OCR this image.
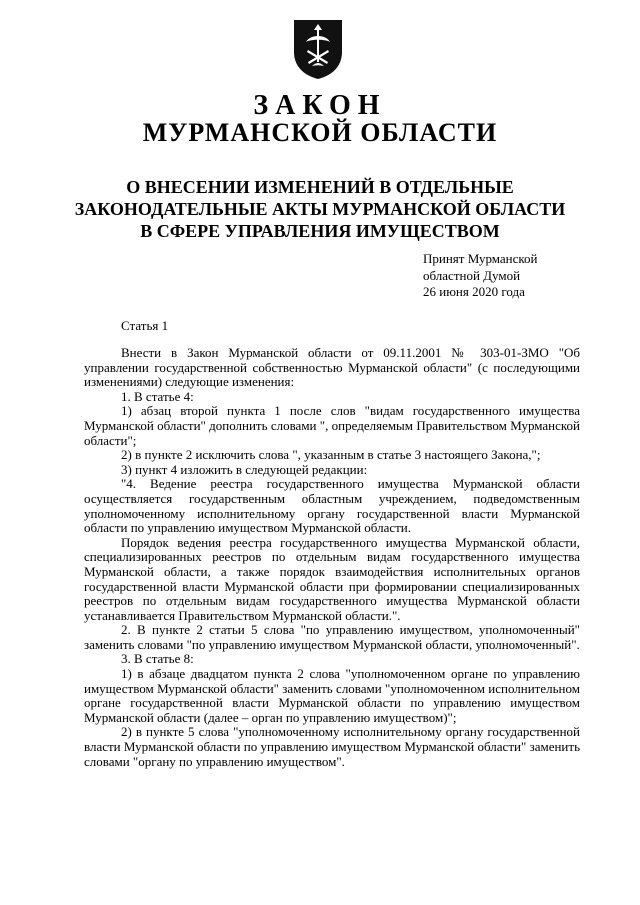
ЗАКОН
МУРМАНСКОЙ ОБЛАСТИ
О ВНЕСЕНИИ ИЗМЕНЕНИЙ В ОТДЕЛЬНЫЕ
ЗАКОНОДАТЕЛЬНЫЕ АКТЫ МУРМАНСКОЙ ОБЛАСТИ
В СФЕРЕ УПРАВЛЕНИЯ ИМУЩЕСТВОМ
Принят Мурманской
областной Думой
26 июня 2020 года
Статья 1

Внести в Закон Мурманской области от 09.11.2001 № 303-01-ЗМО "Об управлении государственной собственностью Мурманской области" (с последующими изменениями) следующие изменения:

1. В статье 4:

1) абзац второй пункта 1 после слов "видам государственного имущества Мурманской области" дополнить словами ", определяемым Правительством Мурманской области";

2) в пункте 2 исключить слова ", указанным в статье 3 настоящего Закона,";

3) пункт 4 изложить в следующей редакции:

"4. Ведение реестра государственного имущества Мурманской области осуществляется государственным областным учреждением, подведомственным уполномоченному исполнительному органу государственной власти Мурманской области по управлению имуществом Мурманской области.

Порядок ведения реестра государственного имущества Мурманской области, специализированных реестров по отдельным видам государственного имущества Мурманской области, а также порядок взаимодействия исполнительных органов государственной власти Мурманской области при формировании специализированных реестров по отдельным видам государственного имущества Мурманской области устанавливается Правительством Мурманской области.".

2. В пункте 2 статьи 5 слова "по управлению имуществом, уполномоченный" заменить словами "по управлению имуществом Мурманской области, уполномоченный".

3. В статье 8:

1) в абзаце двадцатом пункта 2 слова "уполномоченном органе по управлению имуществом Мурманской области" заменить словами "уполномоченном исполнительном органе государственной власти Мурманской области по управлению имуществом Мурманской области (далее – орган по управлению имуществом)";

2) в пункте 5 слова "уполномоченному исполнительному органу государственной власти Мурманской области по управлению имуществом Мурманской области" заменить словами "органу по управлению имуществом".
